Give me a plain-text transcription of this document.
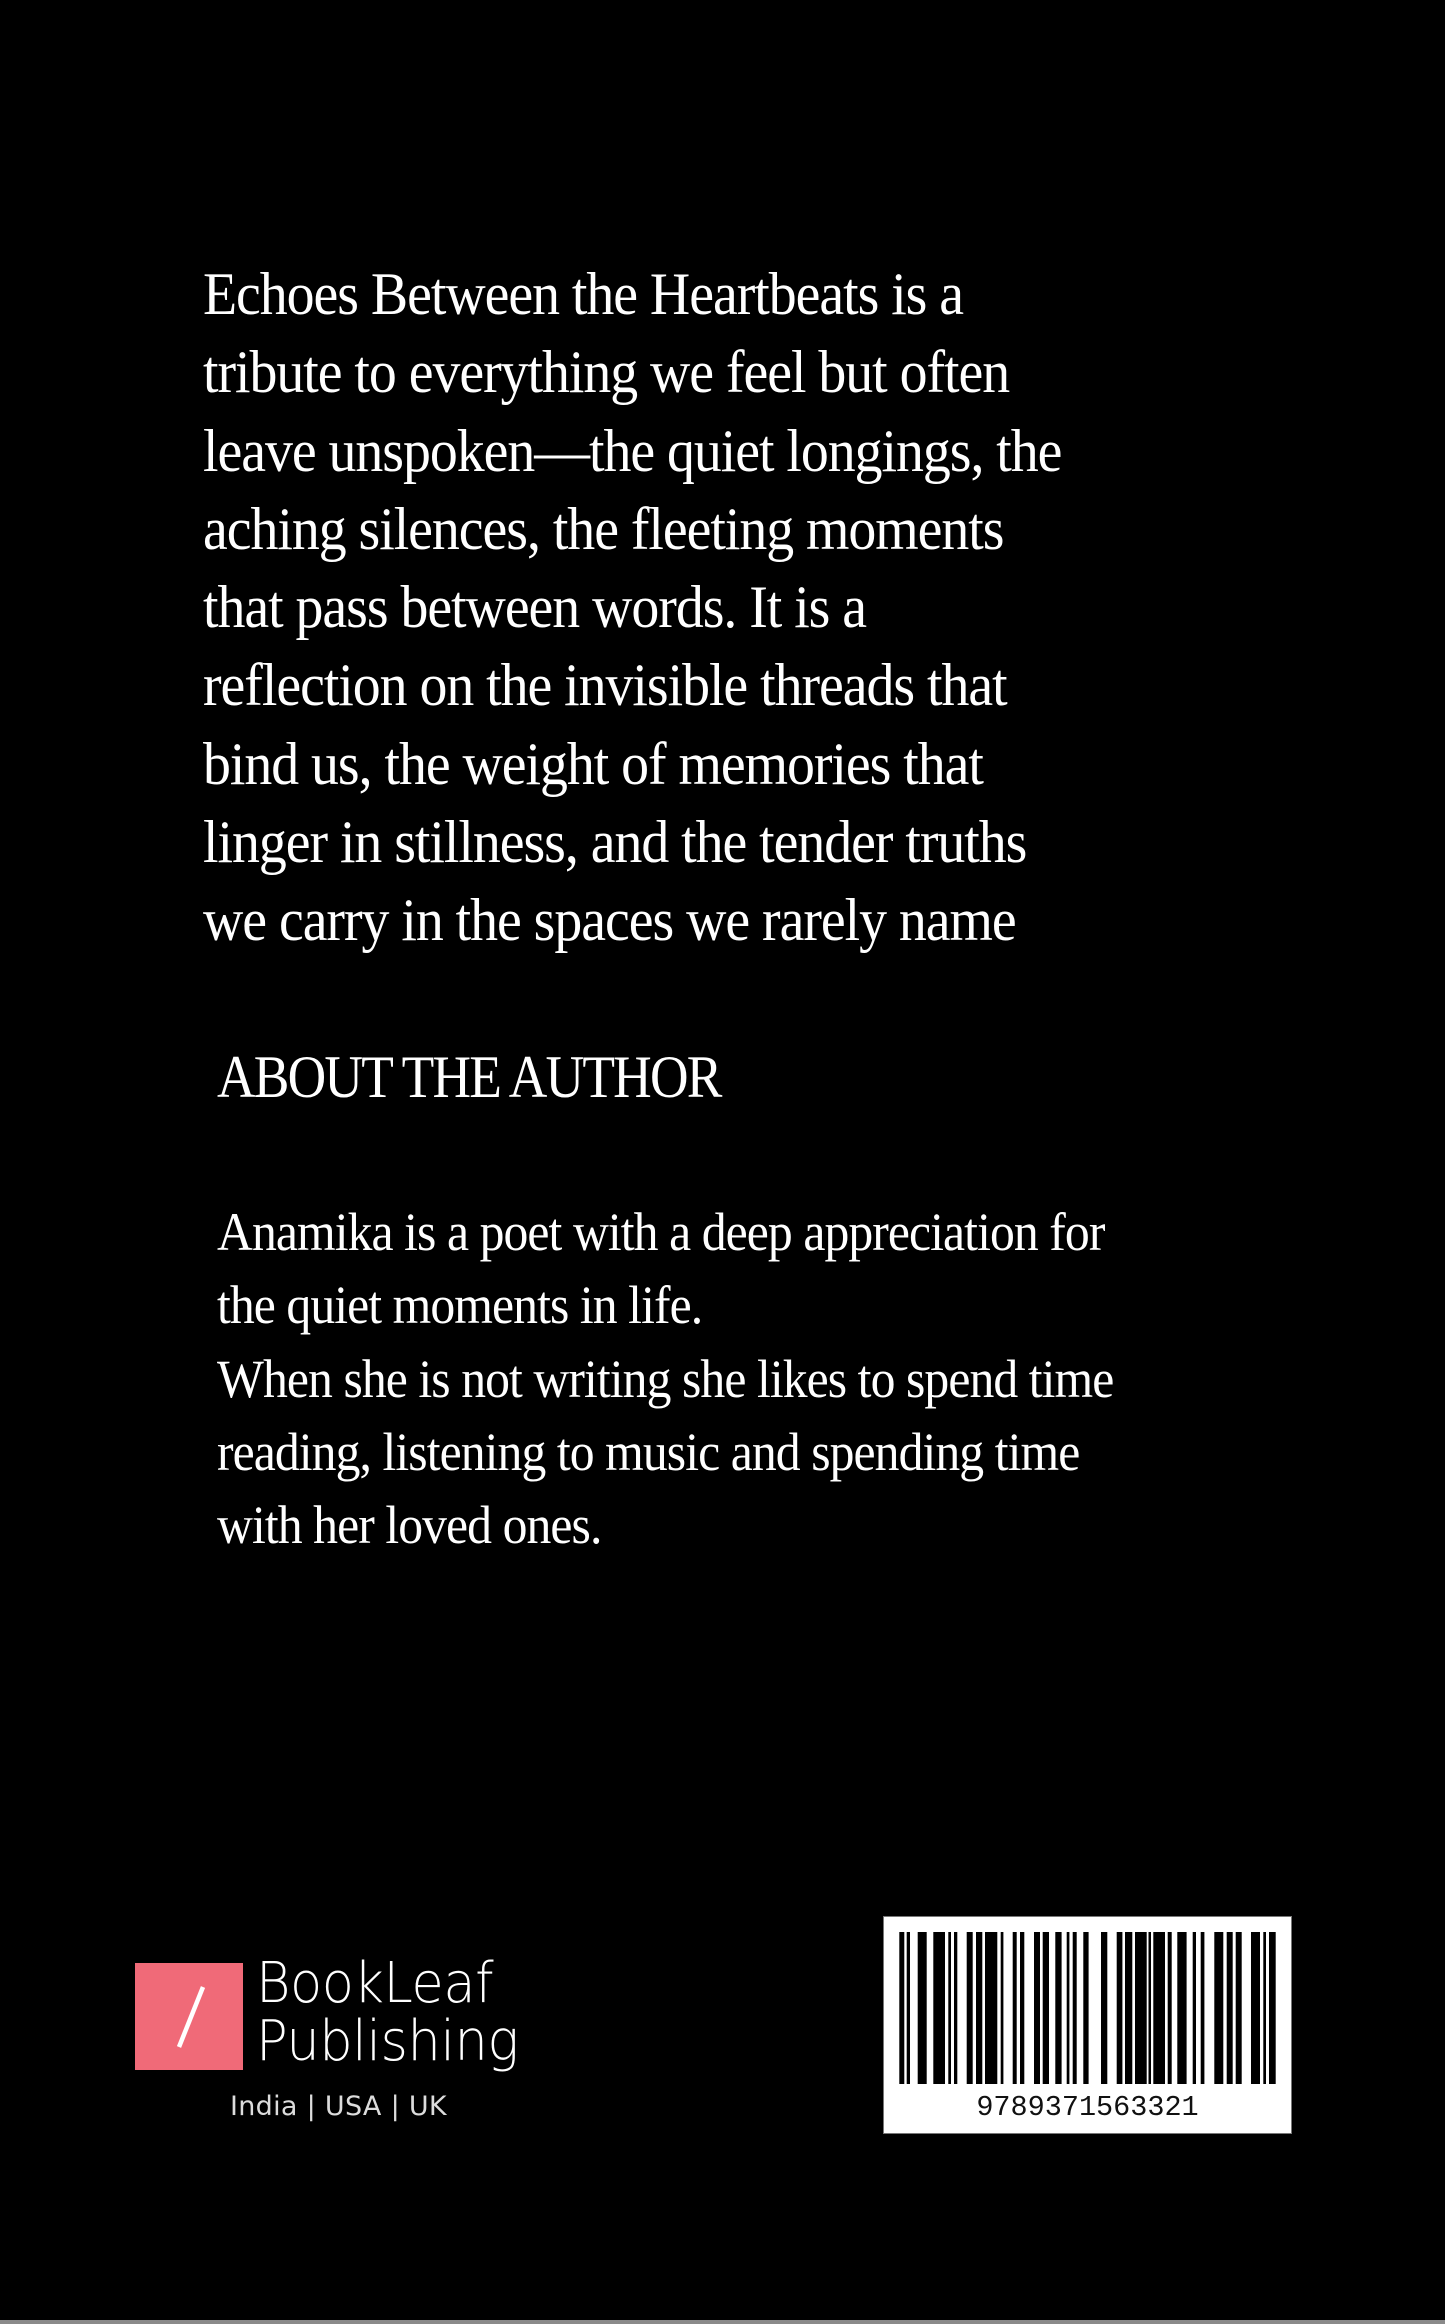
Echoes Between the Heartbeats is a
tribute to everything we feel but often
leave unspoken—the quiet longings, the
aching silences, the fleeting moments
that pass between words. It is a
reflection on the invisible threads that
bind us, the weight of memories that
linger in stillness, and the tender truths
we carry in the spaces we rarely name
ABOUT THE AUTHOR
Anamika is a poet with a deep appreciation for
the quiet moments in life.
When she is not writing she likes to spend time
reading, listening to music and spending time
with her loved ones.
BookLeaf
Publishing
India | USA | UK	9789371563321
